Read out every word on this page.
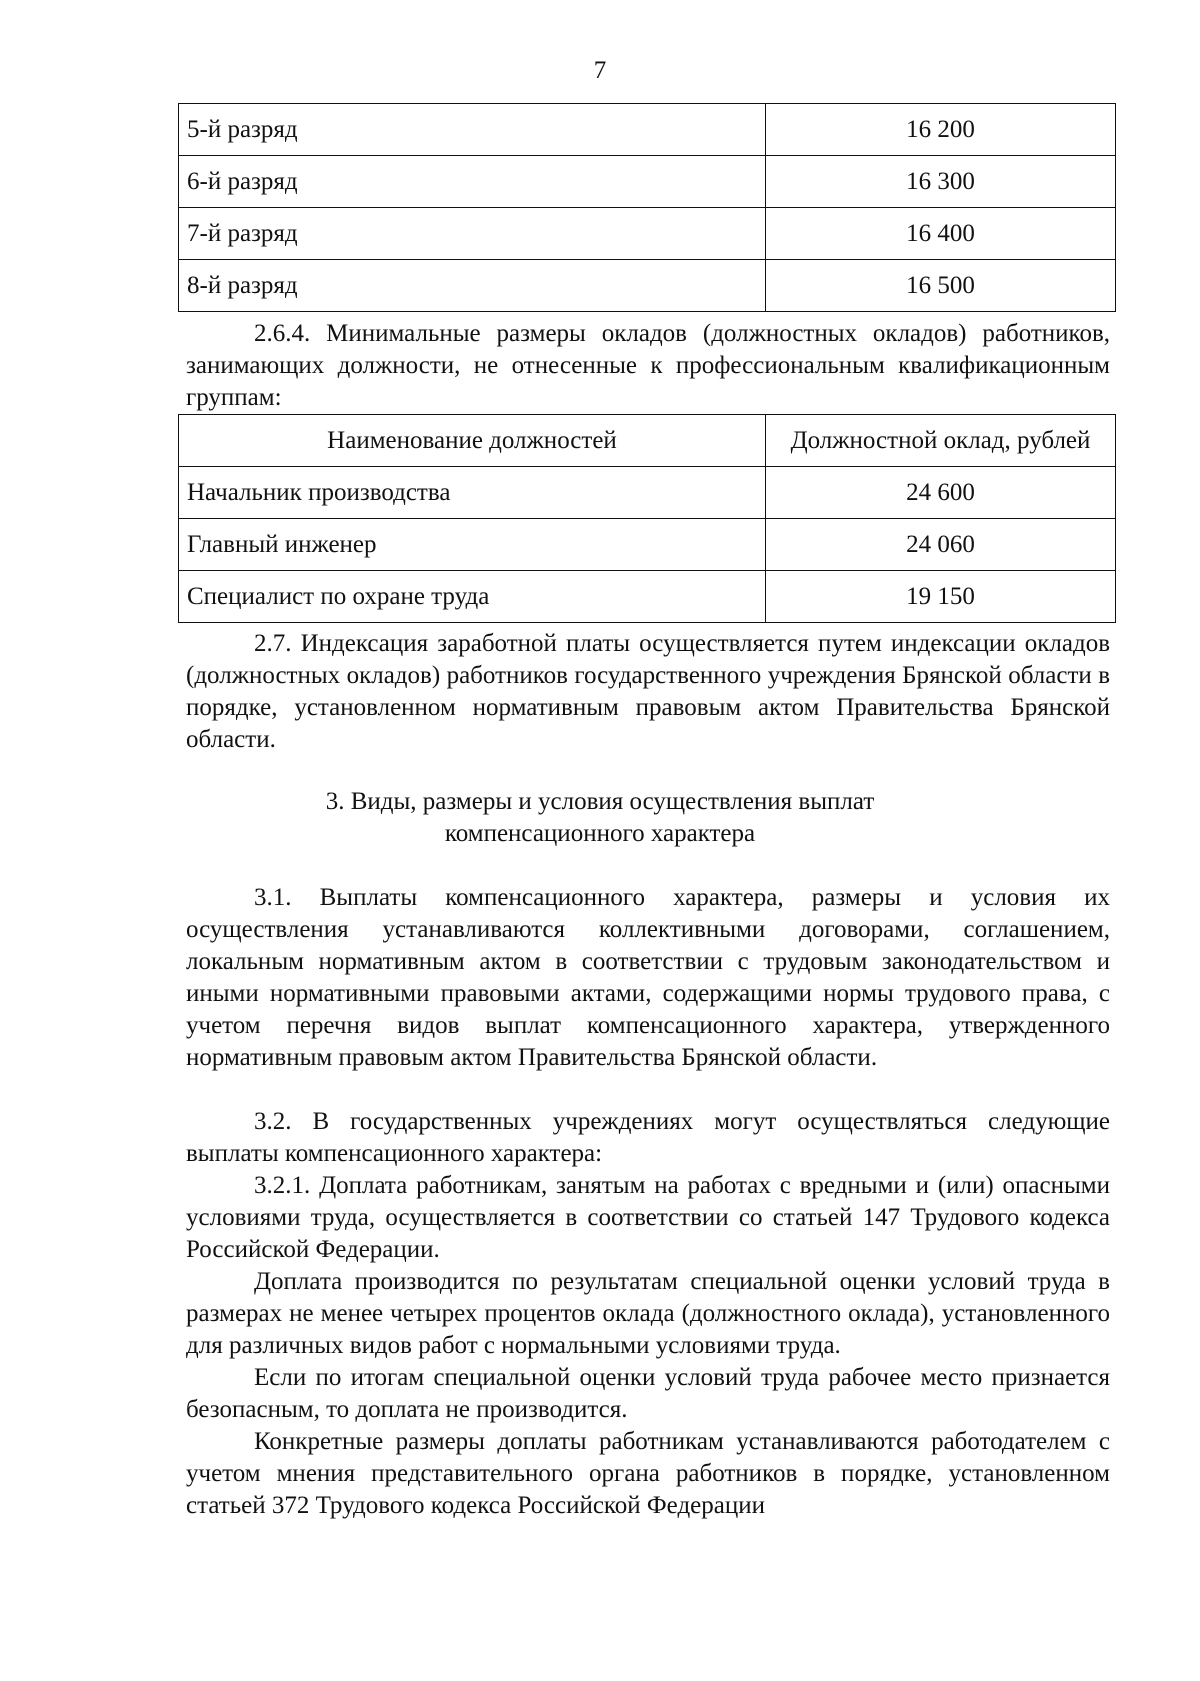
7
5-й разряд	16 200
6-й разряд	16 300
7-й разряд	16 400
8-й разряд	16 500

2.6.4. Минимальные размеры окладов (должностных окладов) работников, занимающих должности, не отнесенные к профессиональным квалификационным группам:

Наименование должностей	Должностной оклад, рублей
Начальник производства	24 600
Главный инженер	24 060
Специалист по охране труда	19 150

2.7. Индексация заработной платы осуществляется путем индексации окладов (должностных окладов) работников государственного учреждения Брянской области в порядке, установленном нормативным правовым актом Правительства Брянской области.

3. Виды, размеры и условия осуществления выплат

компенсационного характера

3.1. Выплаты компенсационного характера, размеры и условия их осуществления устанавливаются коллективными договорами, соглашением, локальным нормативным актом в соответствии с трудовым законодательством и иными нормативными правовыми актами, содержащими нормы трудового права, с учетом перечня видов выплат компенсационного характера, утвержденного нормативным правовым актом Правительства Брянской области.

3.2. В государственных учреждениях могут осуществляться следующие выплаты компенсационного характера:

3.2.1. Доплата работникам, занятым на работах с вредными и (или) опасными условиями труда, осуществляется в соответствии со статьей 147 Трудового кодекса Российской Федерации.

Доплата производится по результатам специальной оценки условий труда в размерах не менее четырех процентов оклада (должностного оклада), установленного для различных видов работ с нормальными условиями труда.

Если по итогам специальной оценки условий труда рабочее место признается безопасным, то доплата не производится.

Конкретные размеры доплаты работникам устанавливаются работодателем с учетом мнения представительного органа работников в порядке, установленном статьей 372 Трудового кодекса Российской Федерации
